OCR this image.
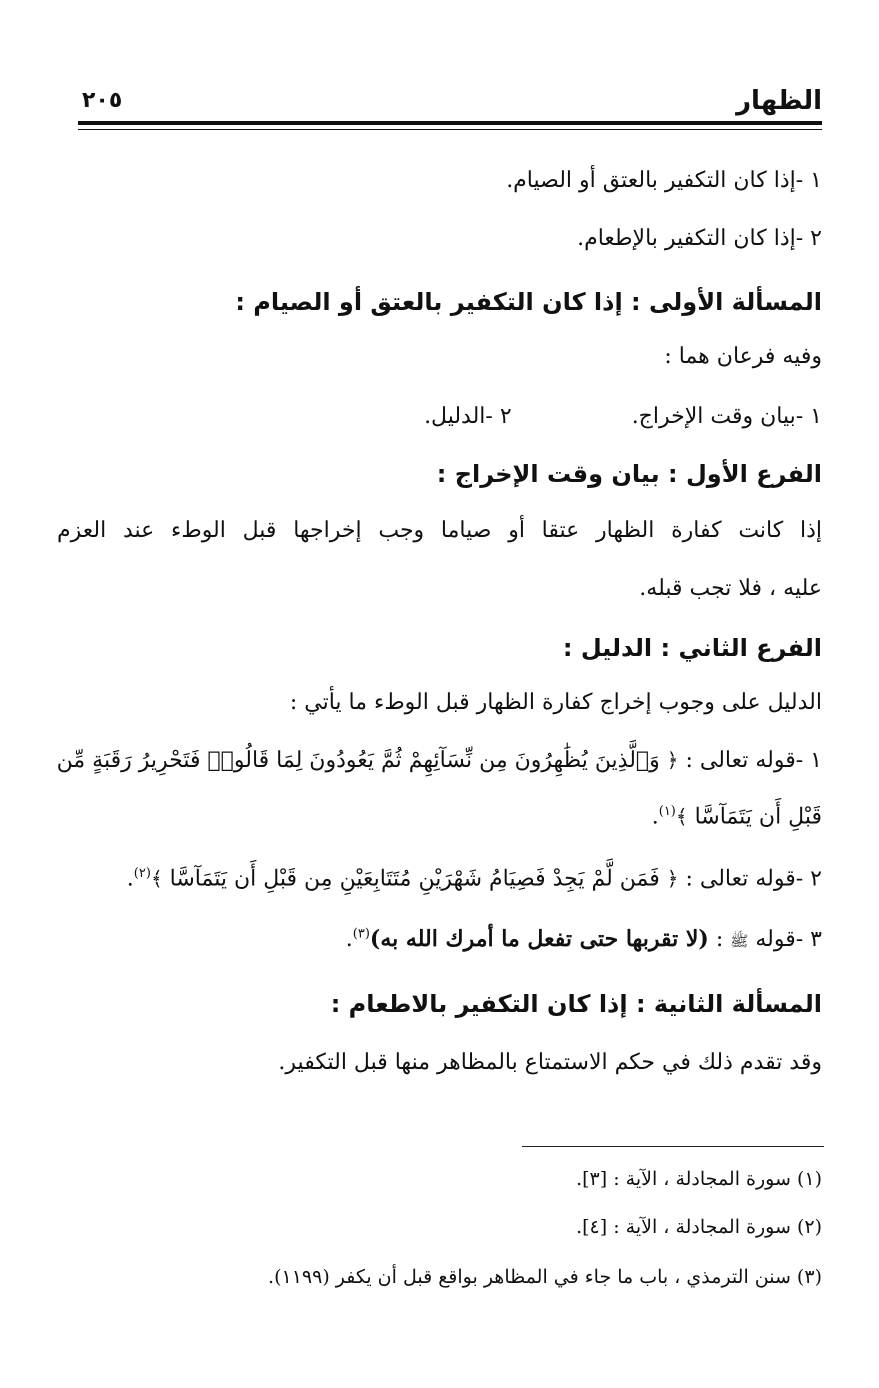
الظهار
٢٠٥
١ -إذا كان التكفير بالعتق أو الصيام.
٢ -إذا كان التكفير بالإطعام.
المسألة الأولى : إذا كان التكفير بالعتق أو الصيام :
وفيه فرعان هما :
١ -بيان وقت الإخراج.٢ -الدليل.
الفرع الأول : بيان وقت الإخراج :
إذا كانت كفارة الظهار عتقا أو صياما وجب إخراجها قبل الوطء عند العزم
عليه ، فلا تجب قبله.
الفرع الثاني : الدليل :
الدليل على وجوب إخراج كفارة الظهار قبل الوطء ما يأتي :
١ -قوله تعالى : ﴿ وَٱلَّذِينَ يُظَٰهِرُونَ مِن نِّسَآئِهِمْ ثُمَّ يَعُودُونَ لِمَا قَالُوا۟ فَتَحْرِيرُ رَقَبَةٍ مِّن
قَبْلِ أَن يَتَمَآسَّا ﴾$^{(١)}$.
٢ -قوله تعالى : ﴿ فَمَن لَّمْ يَجِدْ فَصِيَامُ شَهْرَيْنِ مُتَتَابِعَيْنِ مِن قَبْلِ أَن يَتَمَآسَّا ﴾$^{(٢)}$.
٣ -قوله ﷺ : (لا تقربها حتى تفعل ما أمرك الله به)$^{(٣)}$.
المسألة الثانية : إذا كان التكفير بالاطعام :
وقد تقدم ذلك في حكم الاستمتاع بالمظاهر منها قبل التكفير.
(١) سورة المجادلة ، الآية : [٣].
(٢) سورة المجادلة ، الآية : [٤].
(٣) سنن الترمذي ، باب ما جاء في المظاهر بواقع قبل أن يكفر (١١٩٩).
